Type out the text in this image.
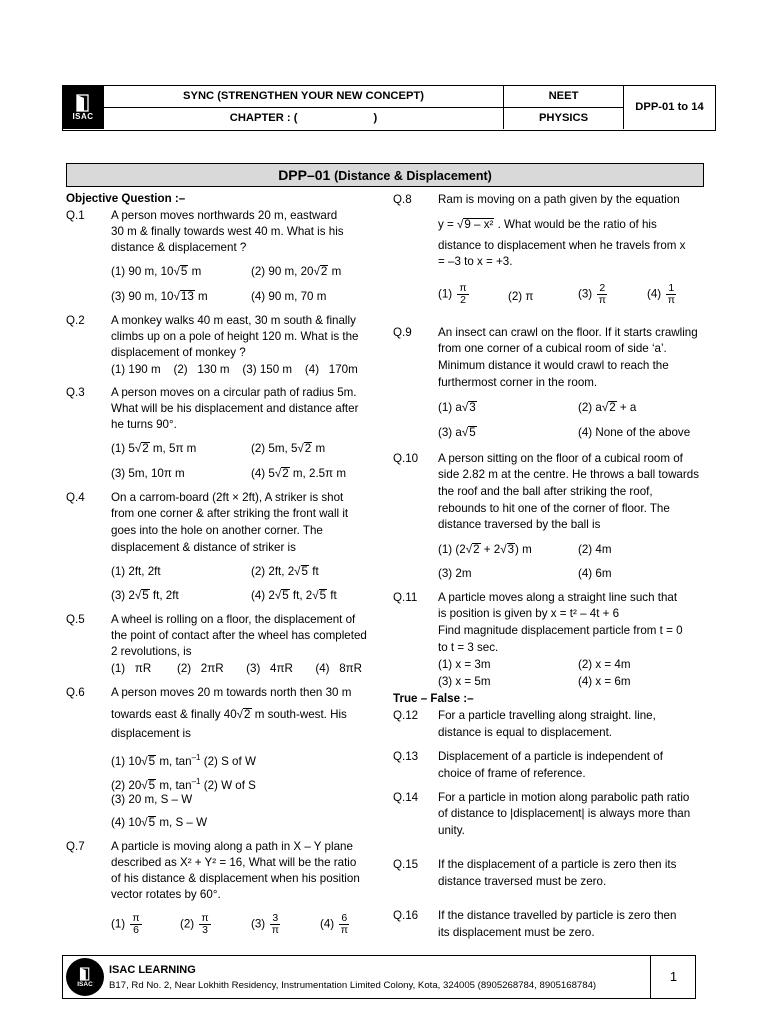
ISAC
SYNC (STRENGTHEN YOUR NEW CONCEPT)
CHAPTER : (	)
NEET
PHYSICS
DPP-01 to 14
DPP–01 (Distance & Displacement)
Objective Question :–
Q.1 A person moves northwards 20 m, eastward
30 m & finally towards west 40 m. What is his
distance & displacement ?
(1) 90 m, 10√5 m	(2) 90 m, 20√2 m
(3) 90 m, 10√13 m	(4) 90 m, 70 m
Q.2 A monkey walks 40 m east, 30 m south & finally
climbs up on a pole of height 120 m. What is the
displacement of monkey ?
(1) 190 m    (2)   130 m    (3) 150 m    (4)   170m
Q.3 A person moves on a circular path of radius 5m.
What will be his displacement and distance after
he turns 90°.
(1) 5√2 m, 5π m	(2) 5m, 5√2 m
(3) 5m, 10π m	(4) 5√2 m, 2.5π m
Q.4 On a carrom-board (2ft × 2ft), A striker is shot
from one corner & after striking the front wall it
goes into the hole on another corner. The
displacement & distance of striker is
(1) 2ft, 2ft	(2) 2ft, 2√5 ft
(3) 2√5 ft, 2ft	(4) 2√5 ft, 2√5 ft
Q.5 A wheel is rolling on a floor, the displacement of
the point of contact after the wheel has completed
2 revolutions, is
(1)   πR        (2)   2πR       (3)   4πR       (4)   8πR
Q.6 A person moves 20 m towards north then 30 m
towards east & finally 40√2 m south-west. His
displacement is
(1) 10√5 m, $\tan^{-1} (2)$ S of W
(2) 20√5 m, $\tan^{-1} (2)$ W of S
(3) 20 m, S – W
(4) 10√5 m, S – W
Q.7 A particle is moving along a path in X – Y plane
described as X² + Y² = 16, What will be the ratio
of his distance & displacement when his position
vector rotates by 60°.
$(1) \frac{\pi}{6}$	$(2) \frac{\pi}{3}$	$(3) \frac{3}{\pi}$	$(4) \frac{6}{\pi}$
Q.8 Ram is moving on a path given by the equation
y = √9 – x² . What would be the ratio of his
distance to displacement when he travels from x
= –3 to x = +3.
$(1) \frac{\pi}{2}$	(2) π	$(3) \frac{2}{\pi}$	$(4) \frac{1}{\pi}$
Q.9 An insect can crawl on the floor. If it starts crawling
from one corner of a cubical room of side ‘a’.
Minimum distance it would crawl to reach the
furthermost corner in the room.
(1) a√3	(2) a√2 + a
(3) a√5	(4) None of the above
Q.10 A person sitting on the floor of a cubical room of
side 2.82 m at the centre. He throws a ball towards
the roof and the ball after striking the roof,
rebounds to hit one of the corner of floor. The
distance traversed by the ball is
(1) (2√2 + 2√3) m	(2) 4m
(3) 2m	(4) 6m
Q.11 A particle moves along a straight line such that
is position is given by x = t² – 4t + 6
Find magnitude displacement particle from t = 0
to t = 3 sec.
(1) x = 3m	(2) x = 4m
(3) x = 5m	(4) x = 6m
True – False :–
Q.12 For a particle travelling along straight. line,
distance is equal to displacement.
Q.13 Displacement of a particle is independent of
choice of frame of reference.
Q.14 For a particle in motion along parabolic path ratio
of distance to |displacement| is always more than
unity.
Q.15 If the displacement of a particle is zero then its
distance traversed must be zero.
Q.16 If the distance travelled by particle is zero then
its displacement must be zero.
ISAC
ISAC LEARNING
B17, Rd No. 2, Near Lokhith Residency, Instrumentation Limited Colony, Kota, 324005 (8905268784, 8905168784)
1
